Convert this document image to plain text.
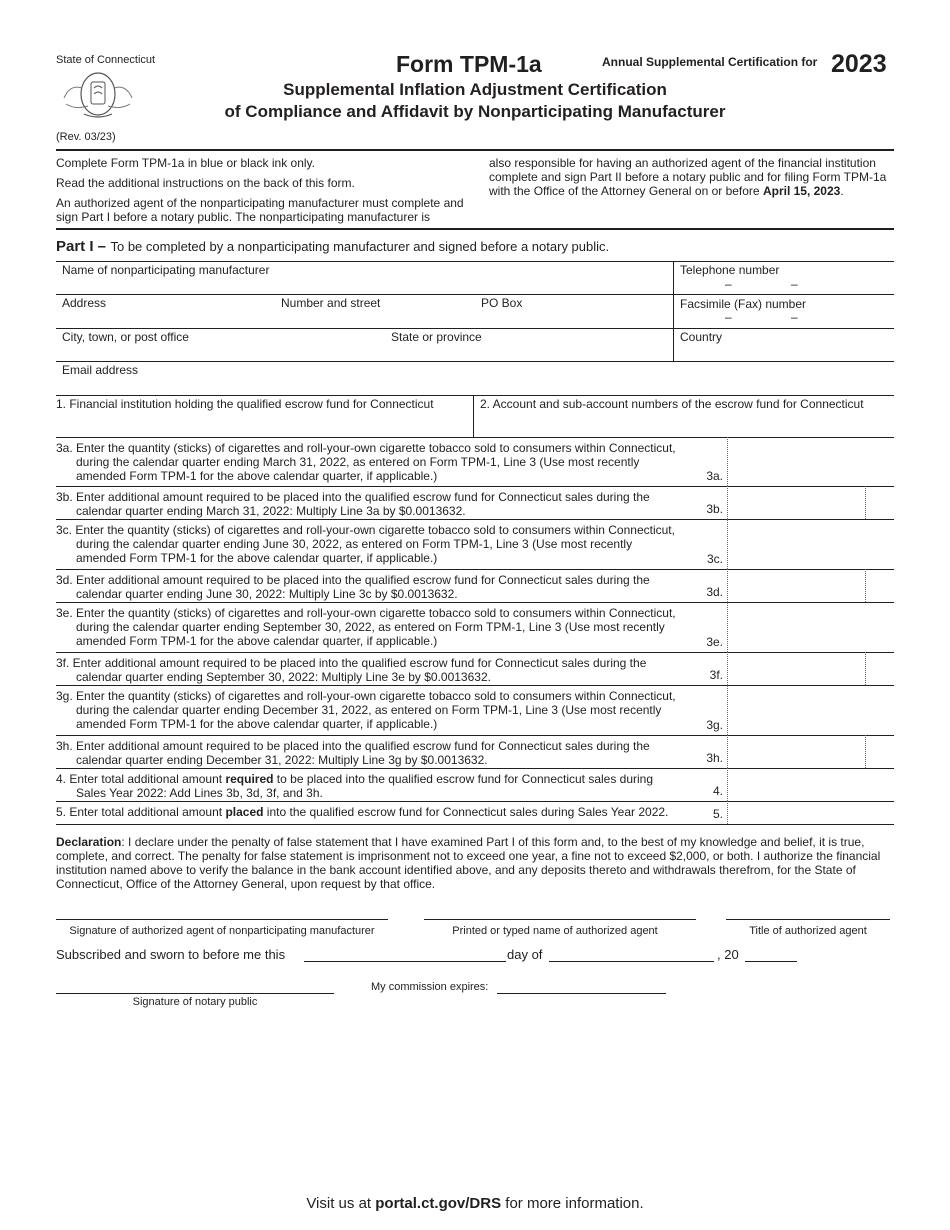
State of Connecticut
(Rev. 03/23)
Form TPM-1a	Annual Supplemental Certification for 2023
Supplemental Inflation Adjustment Certification
of Compliance and Affidavit by Nonparticipating Manufacturer
Complete Form TPM-1a in blue or black ink only.
Read the additional instructions on the back of this form.
An authorized agent of the nonparticipating manufacturer must complete and sign Part I before a notary public. The nonparticipating manufacturer is
also responsible for having an authorized agent of the financial institution complete and sign Part II before a notary public and for filing Form TPM-1a with the Office of the Attorney General on or before April 15, 2023.
Part I – To be completed by a nonparticipating manufacturer and signed before a notary public.
Name of nonparticipating manufacturer	Telephone number
–	–
Address	Number and street	PO Box	Facsimile (Fax) number
–	–
City, town, or post office	State or province	Country
Email address
1. Financial institution holding the qualified escrow fund for Connecticut	2. Account and sub-account numbers of the escrow fund for Connecticut
3a. Enter the quantity (sticks) of cigarettes and roll-your-own cigarette tobacco sold to consumers within Connecticut,
during the calendar quarter ending March 31, 2022, as entered on Form TPM-1, Line 3 (Use most recently
amended Form TPM-1 for the above calendar quarter, if applicable.)	3a.
3b. Enter additional amount required to be placed into the qualified escrow fund for Connecticut sales during the
calendar quarter ending March 31, 2022: Multiply Line 3a by $0.0013632.	3b.
3c. Enter the quantity (sticks) of cigarettes and roll-your-own cigarette tobacco sold to consumers within Connecticut,
during the calendar quarter ending June 30, 2022, as entered on Form TPM-1, Line 3 (Use most recently
amended Form TPM-1 for the above calendar quarter, if applicable.)	3c.
3d. Enter additional amount required to be placed into the qualified escrow fund for Connecticut sales during the
calendar quarter ending June 30, 2022: Multiply Line 3c by $0.0013632.	3d.
3e. Enter the quantity (sticks) of cigarettes and roll-your-own cigarette tobacco sold to consumers within Connecticut,
during the calendar quarter ending September 30, 2022, as entered on Form TPM-1, Line 3 (Use most recently
amended Form TPM-1 for the above calendar quarter, if applicable.)	3e.
3f. Enter additional amount required to be placed into the qualified escrow fund for Connecticut sales during the
calendar quarter ending September 30, 2022: Multiply Line 3e by $0.0013632.	3f.
3g. Enter the quantity (sticks) of cigarettes and roll-your-own cigarette tobacco sold to consumers within Connecticut,
during the calendar quarter ending December 31, 2022, as entered on Form TPM-1, Line 3 (Use most recently
amended Form TPM-1 for the above calendar quarter, if applicable.)	3g.
3h. Enter additional amount required to be placed into the qualified escrow fund for Connecticut sales during the
calendar quarter ending December 31, 2022: Multiply Line 3g by $0.0013632.	3h.
4. Enter total additional amount required to be placed into the qualified escrow fund for Connecticut sales during
Sales Year 2022: Add Lines 3b, 3d, 3f, and 3h.	4.
5. Enter total additional amount placed into the qualified escrow fund for Connecticut sales during Sales Year 2022.	5.
Declaration: I declare under the penalty of false statement that I have examined Part I of this form and, to the best of my knowledge and belief, it is true, complete, and correct. The penalty for false statement is imprisonment not to exceed one year, a fine not to exceed $2,000, or both. I authorize the financial institution named above to verify the balance in the bank account identified above, and any deposits thereto and withdrawals therefrom, for the State of Connecticut, Office of the Attorney General, upon request by that office.
Signature of authorized agent of nonparticipating manufacturer	Printed or typed name of authorized agent	Title of authorized agent
Subscribed and sworn to before me this	day of	, 20
Signature of notary public
My commission expires:
Visit us at portal.ct.gov/DRS for more information.
